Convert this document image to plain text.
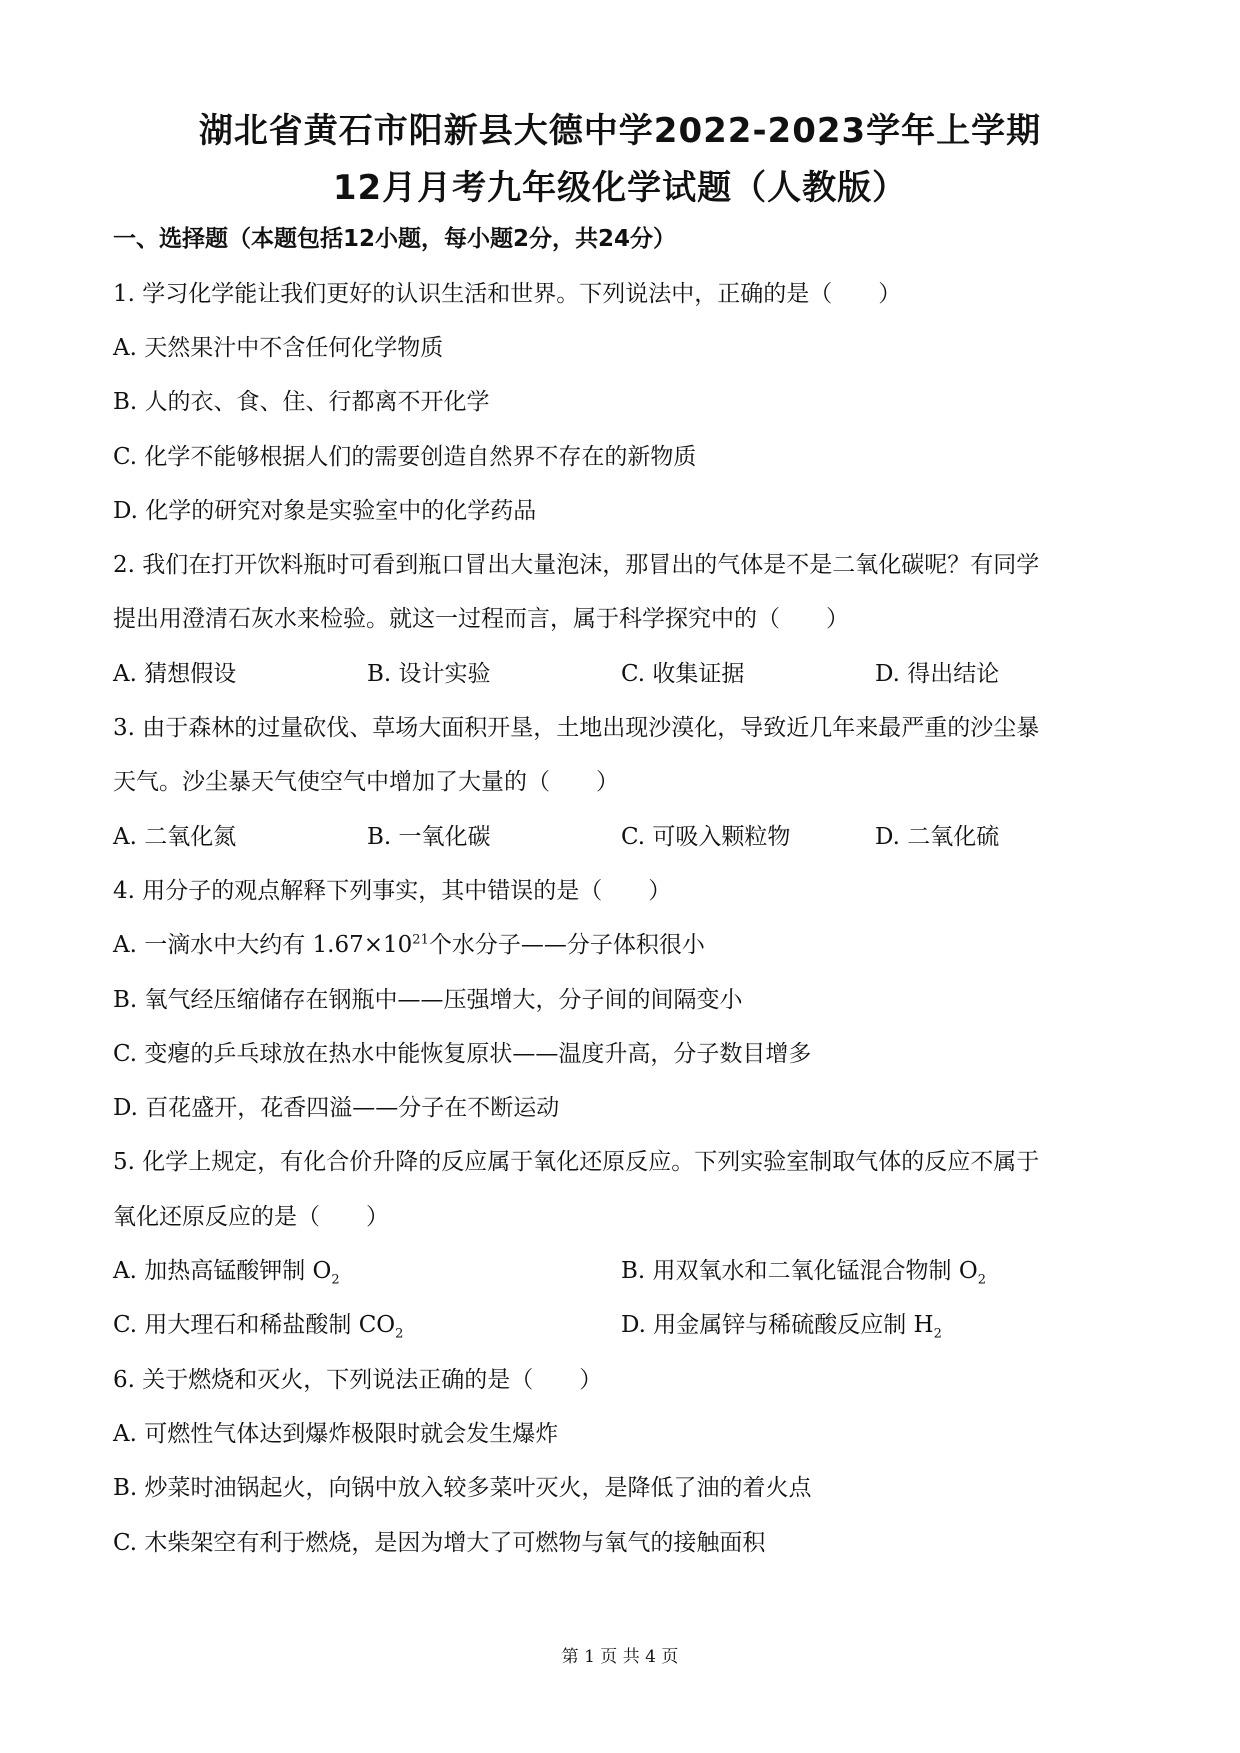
湖北省黄石市阳新县大德中学2022-2023学年上学期
12月月考九年级化学试题（人教版）
一、选择题（本题包括12小题，每小题2分，共24分）
1. 学习化学能让我们更好的认识生活和世界。下列说法中，正确的是（　　）
A. 天然果汁中不含任何化学物质
B. 人的衣、食、住、行都离不开化学
C. 化学不能够根据人们的需要创造自然界不存在的新物质
D. 化学的研究对象是实验室中的化学药品
2. 我们在打开饮料瓶时可看到瓶口冒出大量泡沫，那冒出的气体是不是二氧化碳呢？有同学
提出用澄清石灰水来检验。就这一过程而言，属于科学探究中的（　　）
A. 猜想假设	B. 设计实验	C. 收集证据	D. 得出结论
3. 由于森林的过量砍伐、草场大面积开垦，土地出现沙漠化，导致近几年来最严重的沙尘暴
天气。沙尘暴天气使空气中增加了大量的（　　）
A. 二氧化氮	B. 一氧化碳	C. 可吸入颗粒物	D. 二氧化硫
4. 用分子的观点解释下列事实，其中错误的是（　　）
A. 一滴水中大约有 $1.67\times 10^{21}$个水分子——分子体积很小
B. 氧气经压缩储存在钢瓶中——压强增大，分子间的间隔变小
C. 变瘪的乒乓球放在热水中能恢复原状——温度升高，分子数目增多
D. 百花盛开，花香四溢——分子在不断运动
5. 化学上规定，有化合价升降的反应属于氧化还原反应。下列实验室制取气体的反应不属于
氧化还原反应的是（　　）
A. 加热高锰酸钾制 $O_2$	B. 用双氧水和二氧化锰混合物制 $O_2$
C. 用大理石和稀盐酸制 $CO_2$	D. 用金属锌与稀硫酸反应制 $H_2$
6. 关于燃烧和灭火，下列说法正确的是（　　）
A. 可燃性气体达到爆炸极限时就会发生爆炸
B. 炒菜时油锅起火，向锅中放入较多菜叶灭火，是降低了油的着火点
C. 木柴架空有利于燃烧，是因为增大了可燃物与氧气的接触面积
第 1 页 共 4 页
